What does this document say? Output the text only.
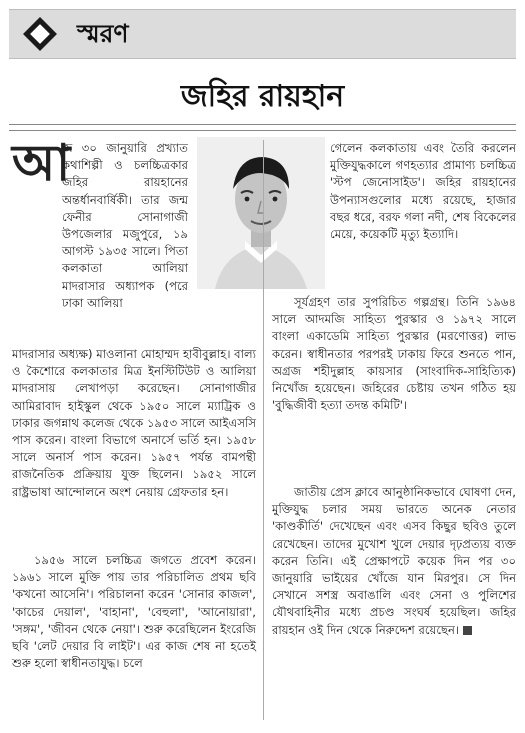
স্মরণ
জহির রায়হান
আ
জ ৩০ জানুয়ারি প্রখ্যাত কথাশিল্পী ও চলচ্চিত্রকার জহির রায়হানের অন্তর্ধানবার্ষিকী। তার জন্ম ফেনীর সোনাগাজী উপজেলার মজুপুরে, ১৯ আগস্ট ১৯৩৫ সালে। পিতা কলকাতা আলিয়া মাদরাসার অধ্যাপক (পরে ঢাকা আলিয়া
মাদরাসার অধ্যক্ষ) মাওলানা মোহাম্মদ হাবীবুল্লাহ। বাল্য ও কৈশোরে কলকাতার মিত্র ইনস্টিটিউট ও আলিয়া মাদরাসায় লেখাপড়া করেছেন। সোনাগাজীর আমিরাবাদ হাইস্কুল থেকে ১৯৫০ সালে ম্যাট্রিক ও ঢাকার জগন্নাথ কলেজ থেকে ১৯৫৩ সালে আইএসসি পাস করেন। বাংলা বিভাগে অনার্সে ভর্তি হন। ১৯৫৮ সালে অনার্স পাস করেন। ১৯৫৭ পর্যন্ত বামপন্থী রাজনৈতিক প্রক্রিয়ায় যুক্ত ছিলেন। ১৯৫২ সালে রাষ্ট্রভাষা আন্দোলনে অংশ নেয়ায় গ্রেফতার হন।
১৯৫৬ সালে চলচ্চিত্র জগতে প্রবেশ করেন। ১৯৬১ সালে মুক্তি পায় তার পরিচালিত প্রথম ছবি 'কখনো আসেনি'। পরিচালনা করেন 'সোনার কাজল', 'কাচের দেয়াল', 'বাহানা', 'বেহুলা', 'আনোয়ারা', 'সঙ্গম', 'জীবন থেকে নেয়া'। শুরু করেছিলেন ইংরেজি ছবি 'লেট দেয়ার বি লাইট'। এর কাজ শেষ না হতেই শুরু হলো স্বাধীনতাযুদ্ধ। চলে
গেলেন কলকাতায় এবং তৈরি করলেন মুক্তিযুদ্ধকালে গণহত্যার প্রামাণ্য চলচ্চিত্র 'স্টপ জেনোসাইড'। জহির রায়হানের উপন্যাসগুলোর মধ্যে রয়েছে, হাজার বছর ধরে, বরফ গলা নদী, শেষ বিকেলের মেয়ে, কয়েকটি মৃত্যু ইত্যাদি।
সূর্যগ্রহণ তার সুপরিচিত গল্পগ্রন্থ। তিনি ১৯৬৪ সালে আদমজি সাহিত্য পুরস্কার ও ১৯৭২ সালে বাংলা একাডেমি সাহিত্য পুরস্কার (মরণোত্তর) লাভ করেন। স্বাধীনতার পরপরই ঢাকায় ফিরে শুনতে পান, অগ্রজ শহীদুল্লাহ কায়সার (সাংবাদিক-সাহিত্যিক) নিখোঁজ হয়েছেন। জহিরের চেষ্টায় তখন গঠিত হয় 'বুদ্ধিজীবী হত্যা তদন্ত কমিটি'।
জাতীয় প্রেস ক্লাবে আনুষ্ঠানিকভাবে ঘোষণা দেন, মুক্তিযুদ্ধ চলার সময় ভারতে অনেক নেতার 'কাণ্ডকীর্তি' দেখেছেন এবং এসব কিছুর ছবিও তুলে রেখেছেন। তাদের মুখোশ খুলে দেয়ার দৃঢ়প্রত্যয় ব্যক্ত করেন তিনি। এই প্রেক্ষাপটে কয়েক দিন পর ৩০ জানুয়ারি ভাইয়ের খোঁজে যান মিরপুর। সে দিন সেখানে সশস্ত্র অবাঙালি এবং সেনা ও পুলিশের যৌথবাহিনীর মধ্যে প্রচণ্ড সংঘর্ষ হয়েছিল। জহির রায়হান ওই দিন থেকে নিরুদ্দেশ রয়েছেন।
